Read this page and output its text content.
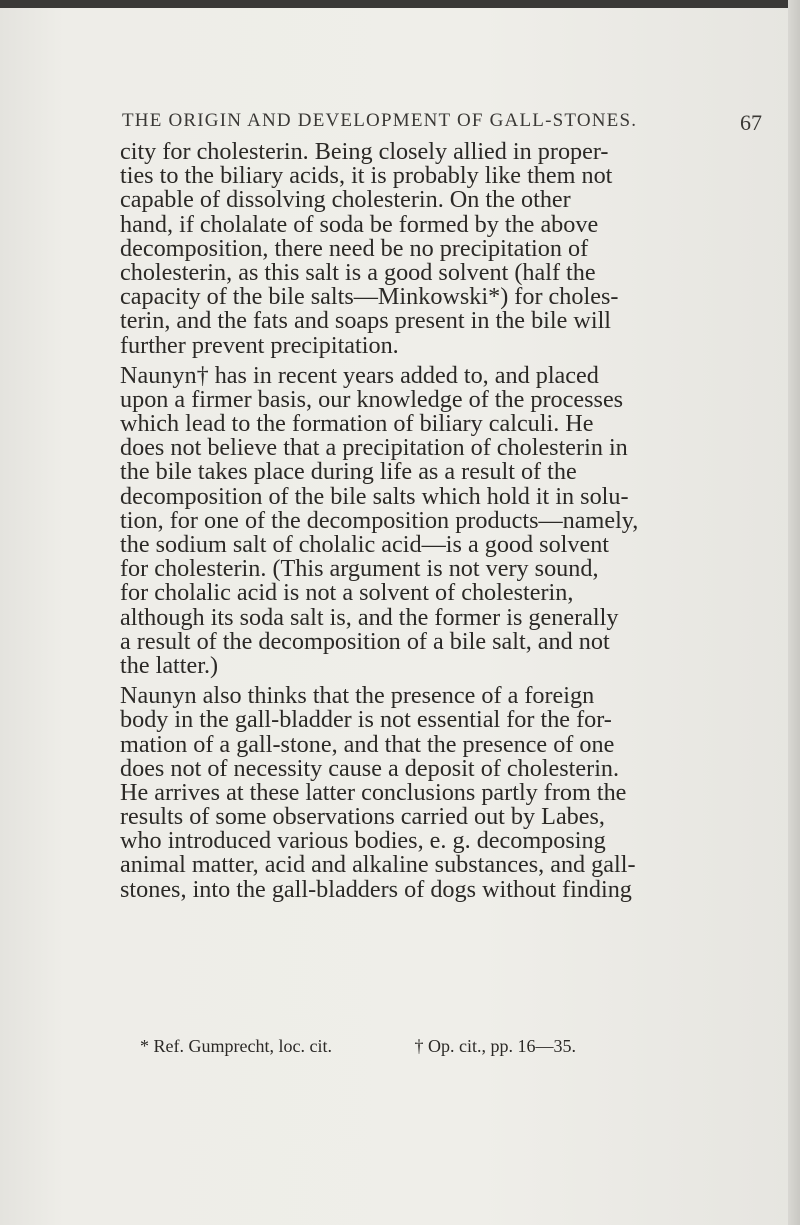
THE ORIGIN AND DEVELOPMENT OF GALL-STONES.	67
city for cholesterin. Being closely allied in proper-
ties to the biliary acids, it is probably like them not
capable of dissolving cholesterin. On the other
hand, if cholalate of soda be formed by the above
decomposition, there need be no precipitation of
cholesterin, as this salt is a good solvent (half the
capacity of the bile salts—Minkowski*) for choles-
terin, and the fats and soaps present in the bile will
further prevent precipitation.
Naunyn† has in recent years added to, and placed
upon a firmer basis, our knowledge of the processes
which lead to the formation of biliary calculi. He
does not believe that a precipitation of cholesterin in
the bile takes place during life as a result of the
decomposition of the bile salts which hold it in solu-
tion, for one of the decomposition products—namely,
the sodium salt of cholalic acid—is a good solvent
for cholesterin. (This argument is not very sound,
for cholalic acid is not a solvent of cholesterin,
although its soda salt is, and the former is generally
a result of the decomposition of a bile salt, and not
the latter.)
Naunyn also thinks that the presence of a foreign
body in the gall-bladder is not essential for the for-
mation of a gall-stone, and that the presence of one
does not of necessity cause a deposit of cholesterin.
He arrives at these latter conclusions partly from the
results of some observations carried out by Labes,
who introduced various bodies, e. g. decomposing
animal matter, acid and alkaline substances, and gall-
stones, into the gall-bladders of dogs without finding
* Ref. Gumprecht, loc. cit.	† Op. cit., pp. 16—35.
